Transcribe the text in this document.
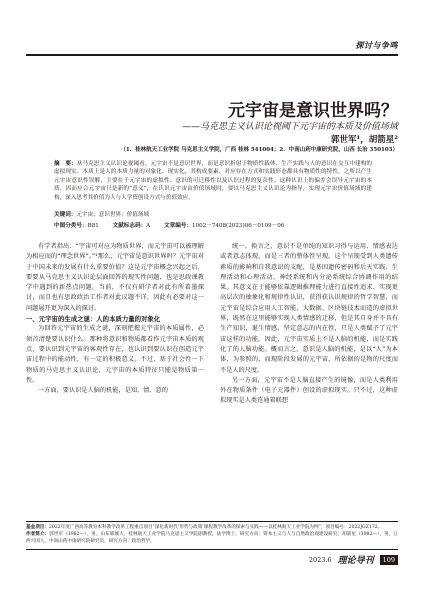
探讨与争鸣
元宇宙是意识世界吗？
——马克思主义认识论视阈下元宇宙的本质及价值场域
郭世军¹，胡箭星²
（1．桂林航天工业学院 马克思主义学院，广西 桂林 541004；2．中南山药中康研究院，山西 长治 350103）
摘　要：从马克思主义认识论视阈看，元宇宙不是意识世界，而是意识折射于物质性载体、生产实践与人的意识在交互中建构的虚拟现实。本质上是人的本质力量的对象化、现实化，其构成要素、对应存在方式和实践形态都具有物质性的特性，之所以产生元宇宙意识性误解，主要在于元宇宙的虚拟性、意识的可迁移性以及认识过程的复杂性。这种认识上的偏差会误导元宇宙的本质。因而应合元宇宙只是新的“意义”，在认识元宇宙由价值场域时，要以马克思主义认识论为指导，实现元宇宙价值场域的建构，深入思考其价值为人与人学资创设方式与价值效应。
关键词：元宇宙；意识世界；价值场域
中图分类号：B81 文献标志码：A 文章编号：1002－7408(2023)06－0109－06

有学者指出：“宇宙可对应为物质世界，而元宇宙可以被理解为相应而的“理念世界”。”¹那么，元宇宙是意识世界吗？元宇宙对于中国未来的发展有什么重要价值？这是元宇宙概念兴起之后，要要从马克思主义认识论层面回答的现实性问题，也是思政课教学中遇到的新热点问题。当前，不仅有研学者对此有所着墨探讨，而且也有思政政治工作者对此议题不详，因此有必要对这一问题展开更为深入的探讨。

一、元宇宙的生成之谜：人的本质力量的对象化

为回答元宇宙的生成之谜，深刻把握元宇宙的本质属性，必须首清楚要认识什么。那种将意识和物质都看作元宇宙本质的观点，要认识到元宇宙的客观性存在，也认识到要认识在创造元宇宙过程中的能动性，有一定的积极意义。不过，基于社会性一下物质的马克思主义认识论，元宇宙的本质特征只能是物质第一性。

一方面，要认识是人脑的机能，是知、情、意的

统一。换言之，意识不是单纯的知识习得与运用、情感表达或者意志体现，而是三者的整体性呈现。这个呈现受到人类遗传素质的影响和自我意识的支配，是基因遗传密码和后天实践、生理活动和心理活动、神经系统和内分泌系统综合协调作用的结果。其意义在于能够依靠逻辑推理能力进行直接性追求、实现更高层次的抽象化和规律性认识，获得获认识规律的哲学智慧，而元宇宙是综合应用人工智能、大数据、区块链技术而造的虚拟世界，既然在这里能够实现人类情感的迁移，但是其自身并不具有生产知识、诞生情感、坚定意志的内在性，只是人类赋予了元宇宙这样的功能。因此，元宇宙实质上不是人脑的机能，而是实践化了的人脑功能。概而言之，意识是人脑的机能，是以“人”为本体，为参照的，而现阶段发展的元宇宙，所依据的是物的尺度而不是人的尺度。

另一方面，元宇宙不是人脑直接产生的镜像，而是人类利用外在物质条件（电子元器件）创设的虚拟现实。只不过，这种虚拟现实是人类连通着联想

基金项目：2022年度广西高等教育本科教学改革工程重点项目“深化新时代‘形势与政策’课程教学改革的探索与实践——以桂林航天工业学院为例”，项目编号：2022JGZ172。
作者简介：郭世军（1982—），男，山东郓城人，桂林航天工业学院马克思主义学院副教授，法学博士，研究方向：资本主义与人与自然政治观建设研究；胡箭星（1982—），男，江西兴国人，中南山药中康研究院研究员，研究方向：政治哲学。
2023.6 理论导刊	109
